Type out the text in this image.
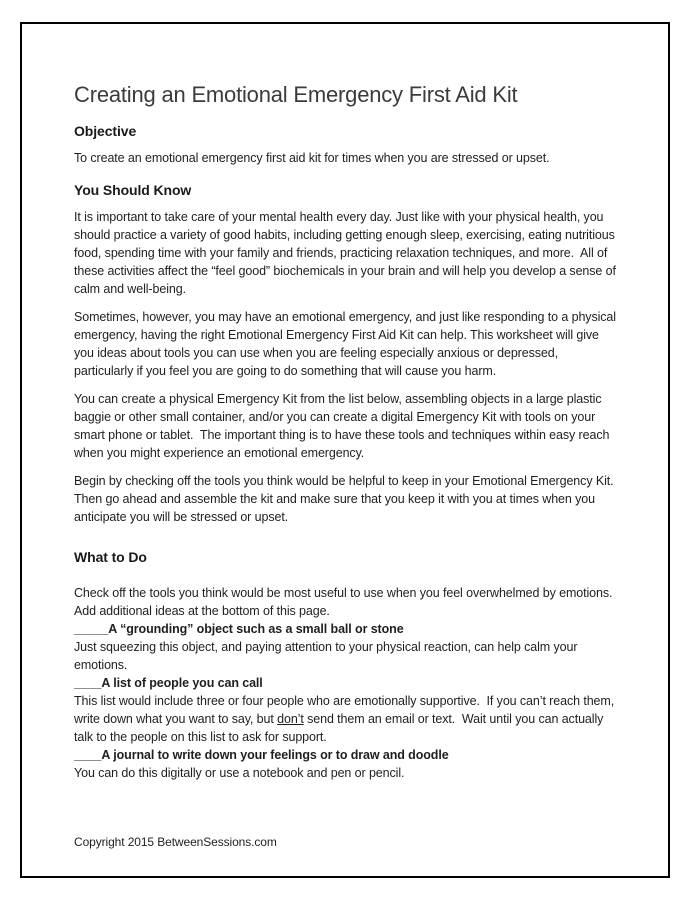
Creating an Emotional Emergency First Aid Kit
Objective

To create an emotional emergency first aid kit for times when you are stressed or upset.

You Should Know

It is important to take care of your mental health every day. Just like with your physical health, you should practice a variety of good habits, including getting enough sleep, exercising, eating nutritious food, spending time with your family and friends, practicing relaxation techniques, and more.  All of these activities affect the “feel good” biochemicals in your brain and will help you develop a sense of calm and well-being.

Sometimes, however, you may have an emotional emergency, and just like responding to a physical emergency, having the right Emotional Emergency First Aid Kit can help. This worksheet will give you ideas about tools you can use when you are feeling especially anxious or depressed, particularly if you feel you are going to do something that will cause you harm.

You can create a physical Emergency Kit from the list below, assembling objects in a large plastic baggie or other small container, and/or you can create a digital Emergency Kit with tools on your smart phone or tablet.  The important thing is to have these tools and techniques within easy reach when you might experience an emotional emergency.

Begin by checking off the tools you think would be helpful to keep in your Emotional Emergency Kit.  Then go ahead and assemble the kit and make sure that you keep it with you at times when you anticipate you will be stressed or upset.

What to Do
Check off the tools you think would be most useful to use when you feel overwhelmed by emotions.  Add additional ideas at the bottom of this page.
_____A “grounding” object such as a small ball or stone
Just squeezing this object, and paying attention to your physical reaction, can help calm your emotions.
____A list of people you can call
This list would include three or four people who are emotionally supportive.  If you can’t reach them, write down what you want to say, but don’t send them an email or text.  Wait until you can actually talk to the people on this list to ask for support.
____A journal to write down your feelings or to draw and doodle
You can do this digitally or use a notebook and pen or pencil.
Copyright 2015 BetweenSessions.com
